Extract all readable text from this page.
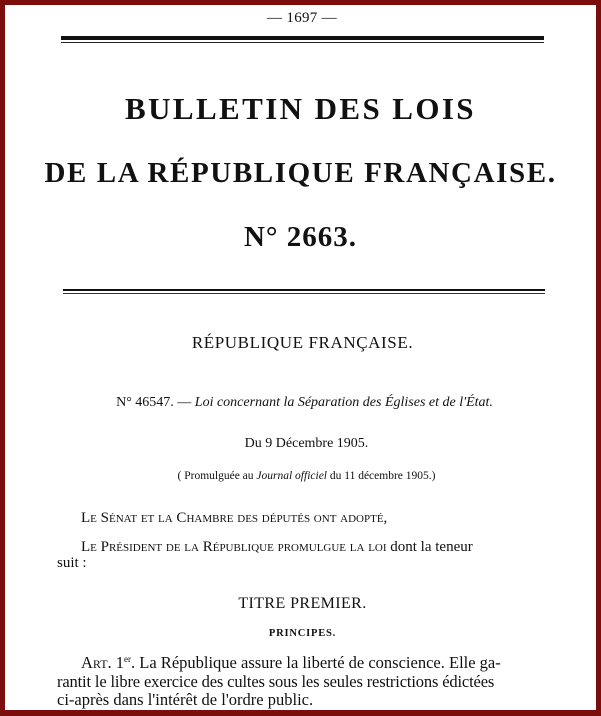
— 1697 —
BULLETIN DES LOIS
DE LA RÉPUBLIQUE FRANÇAISE.
N° 2663.
RÉPUBLIQUE FRANÇAISE.
N° 46547. — Loi concernant la Séparation des Églises et de l'État.
Du 9 Décembre 1905.
( Promulguée au Journal officiel du 11 décembre 1905.)
Le Sénat et la Chambre des députés ont adopté,
Le Président de la République promulgue la loi dont la teneur
suit :
TITRE PREMIER.
PRINCIPES.
Art. 1er. La République assure la liberté de conscience. Elle ga-
rantit le libre exercice des cultes sous les seules restrictions édictées
ci-après dans l'intérêt de l'ordre public.
